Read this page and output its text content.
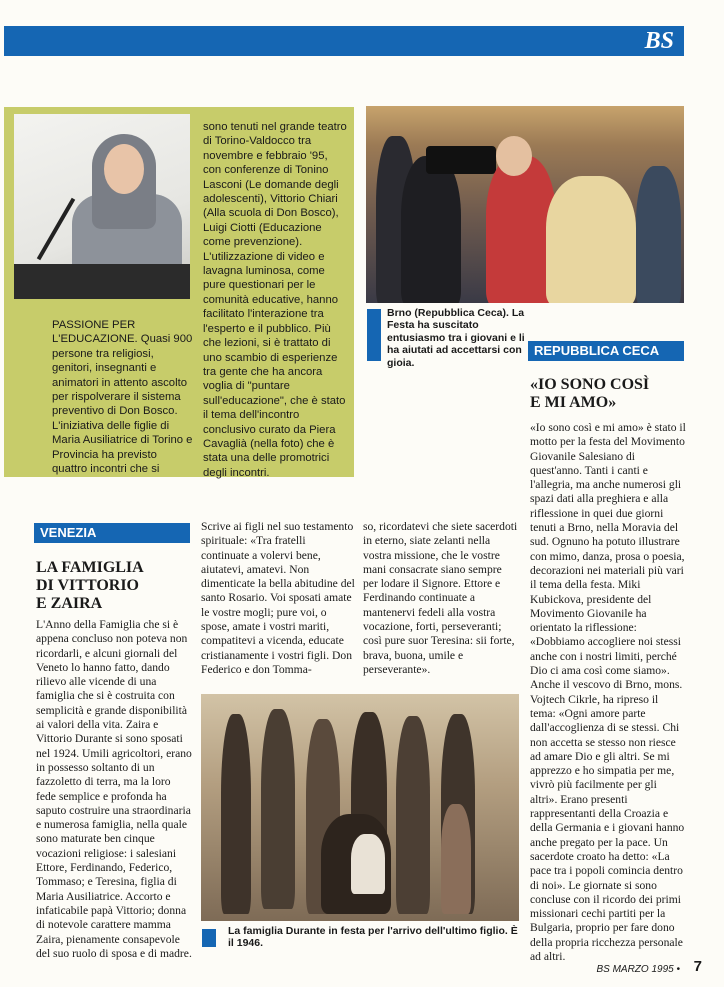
BS
PASSIONE PER L'EDUCAZIONE. Quasi 900 persone tra religiosi, genitori, insegnanti e animatori in attento ascolto per rispolverare il sistema preventivo di Don Bosco. L'iniziativa delle figlie di Maria Ausiliatrice di Torino e Provincia ha previsto quattro incontri che si
sono tenuti nel grande teatro di Torino-Valdocco tra novembre e febbraio '95, con conferenze di Tonino Lasconi (Le domande degli adolescenti), Vittorio Chiari (Alla scuola di Don Bosco), Luigi Ciotti (Educazione come prevenzione). L'utilizzazione di video e lavagna luminosa, come pure questionari per le comunità educative, hanno facilitato l'interazione tra l'esperto e il pubblico. Più che lezioni, si è trattato di uno scambio di esperienze tra gente che ha ancora voglia di "puntare sull'educazione", che è stato il tema dell'incontro conclusivo curato da Piera Cavaglià (nella foto) che è stata una delle promotrici degli incontri.
Brno (Repubblica Ceca). La Festa ha suscitato entusiasmo tra i giovani e li ha aiutati ad accettarsi con gioia.
REPUBBLICA CECA
«IO SONO COSÌ
E MI AMO»
«Io sono così e mi amo» è stato il motto per la festa del Movimento Giovanile Salesiano di quest'anno. Tanti i canti e l'allegria, ma anche numerosi gli spazi dati alla preghiera e alla riflessione in quei due giorni tenuti a Brno, nella Moravia del sud. Ognuno ha potuto illustrare con mimo, danza, prosa o poesia, decorazioni nei materiali più vari il tema della festa. Miki Kubickova, presidente del Movimento Giovanile ha orientato la riflessione: «Dobbiamo accogliere noi stessi anche con i nostri limiti, perché Dio ci ama così come siamo». Anche il vescovo di Brno, mons. Vojtech Cikrle, ha ripreso il tema: «Ogni amore parte dall'accoglienza di se stessi. Chi non accetta se stesso non riesce ad amare Dio e gli altri. Se mi apprezzo e ho simpatia per me, vivrò più facilmente per gli altri». Erano presenti rappresentanti della Croazia e della Germania e i giovani hanno anche pregato per la pace. Un sacerdote croato ha detto: «La pace tra i popoli comincia dentro di noi». Le giornate si sono concluse con il ricordo dei primi missionari cechi partiti per la Bulgaria, proprio per fare dono della propria ricchezza personale ad altri.
VENEZIA
LA FAMIGLIA
DI VITTORIO
E ZAIRA
L'Anno della Famiglia che si è appena concluso non poteva non ricordarli, e alcuni giornali del Veneto lo hanno fatto, dando rilievo alle vicende di una famiglia che si è costruita con semplicità e grande disponibilità ai valori della vita. Zaira e Vittorio Durante si sono sposati nel 1924. Umili agricoltori, erano in possesso soltanto di un fazzoletto di terra, ma la loro fede semplice e profonda ha saputo costruire una straordinaria e numerosa famiglia, nella quale sono maturate ben cinque vocazioni religiose: i salesiani Ettore, Ferdinando, Federico, Tommaso; e Teresina, figlia di Maria Ausiliatrice. Accorto e infaticabile papà Vittorio; donna di notevole carattere mamma Zaira, pienamente consapevole del suo ruolo di sposa e di madre.
Scrive ai figli nel suo testamento spirituale: «Tra fratelli continuate a volervi bene, aiutatevi, amatevi. Non dimenticate la bella abitudine del santo Rosario. Voi sposati amate le vostre mogli; pure voi, o spose, amate i vostri mariti, compatitevi a vicenda, educate cristianamente i vostri figli. Don Federico e don Tomma-
so, ricordatevi che siete sacerdoti in eterno, siate zelanti nella vostra missione, che le vostre mani consacrate siano sempre per lodare il Signore. Ettore e Ferdinando continuate a mantenervi fedeli alla vostra vocazione, forti, perseveranti; così pure suor Teresina: sii forte, brava, buona, umile e perseverante».
La famiglia Durante in festa per l'arrivo dell'ultimo figlio. È il 1946.
BS MARZO 1995 • 7
